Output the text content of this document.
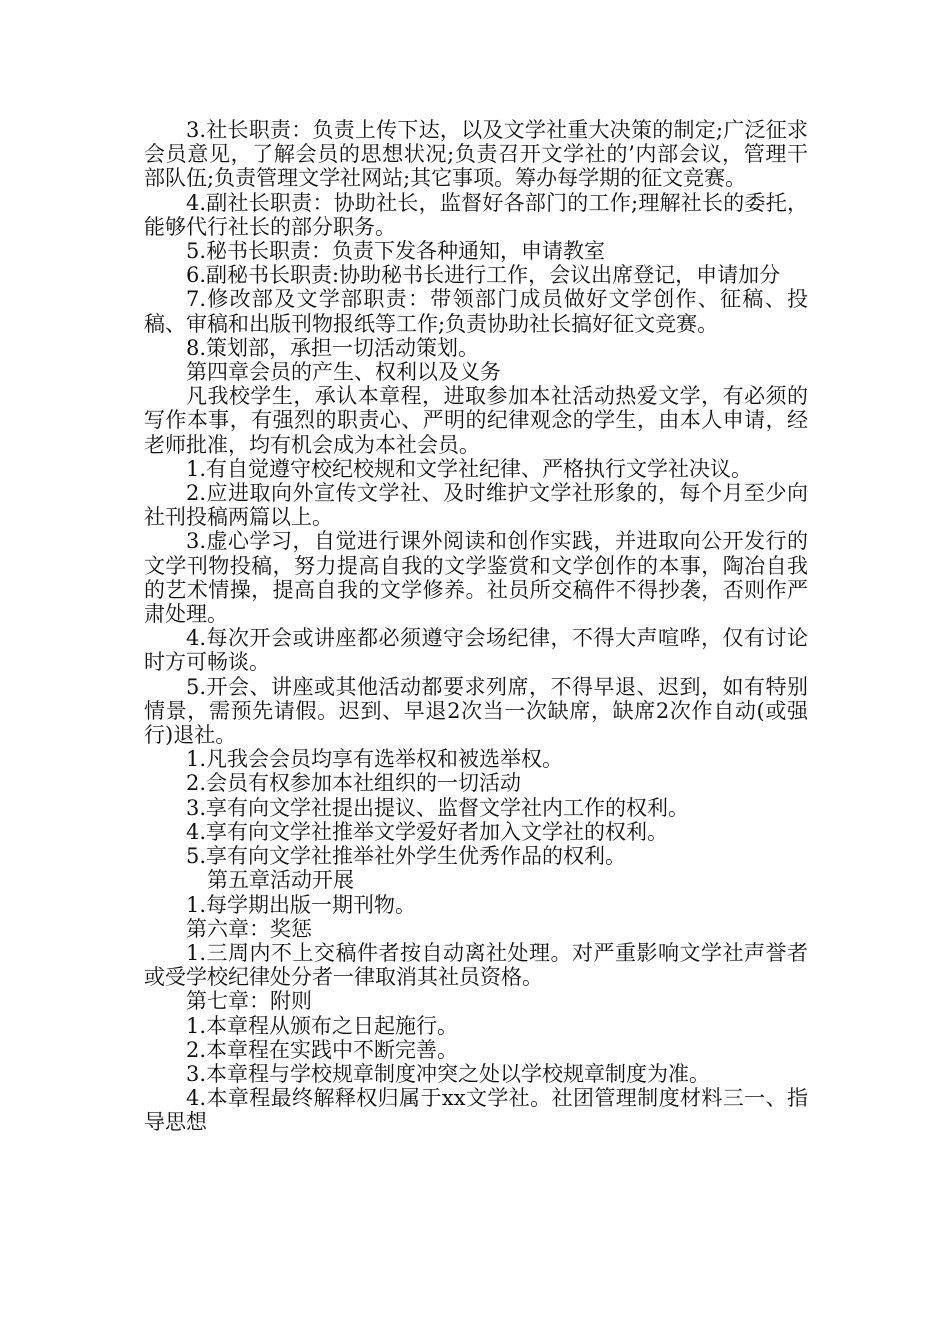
3.社长职责：负责上传下达，以及文学社重大决策的制定;广泛征求会员意见，了解会员的思想状况;负责召开文学社的’内部会议，管理干部队伍;负责管理文学社网站;其它事项。筹办每学期的征文竞赛。

4.副社长职责：协助社长，监督好各部门的工作;理解社长的委托，能够代行社长的部分职务。

5.秘书长职责：负责下发各种通知，申请教室

6.副秘书长职责:协助秘书长进行工作，会议出席登记，申请加分

7.修改部及文学部职责：带领部门成员做好文学创作、征稿、投稿、审稿和出版刊物报纸等工作;负责协助社长搞好征文竞赛。

8.策划部，承担一切活动策划。

第四章会员的产生、权利以及义务

凡我校学生，承认本章程，进取参加本社活动热爱文学，有必须的写作本事，有强烈的职责心、严明的纪律观念的学生，由本人申请，经老师批准，均有机会成为本社会员。

1.有自觉遵守校纪校规和文学社纪律、严格执行文学社决议。

2.应进取向外宣传文学社、及时维护文学社形象的，每个月至少向社刊投稿两篇以上。

3.虚心学习，自觉进行课外阅读和创作实践，并进取向公开发行的文学刊物投稿，努力提高自我的文学鉴赏和文学创作的本事，陶冶自我的艺术情操，提高自我的文学修养。社员所交稿件不得抄袭，否则作严肃处理。

4.每次开会或讲座都必须遵守会场纪律，不得大声喧哗，仅有讨论时方可畅谈。

5.开会、讲座或其他活动都要求列席，不得早退、迟到，如有特别情景，需预先请假。迟到、早退2次当一次缺席，缺席2次作自动(或强行)退社。

1.凡我会会员均享有选举权和被选举权。

2.会员有权参加本社组织的一切活动

3.享有向文学社提出提议、监督文学社内工作的权利。

4.享有向文学社推举文学爱好者加入文学社的权利。

5.享有向文学社推举社外学生优秀作品的权利。

第五章活动开展

1.每学期出版一期刊物。

第六章：奖惩

1.三周内不上交稿件者按自动离社处理。对严重影响文学社声誉者或受学校纪律处分者一律取消其社员资格。

第七章：附则

1.本章程从颁布之日起施行。

2.本章程在实践中不断完善。

3.本章程与学校规章制度冲突之处以学校规章制度为准。

4.本章程最终解释权归属于xx文学社。社团管理制度材料三一、指导思想
